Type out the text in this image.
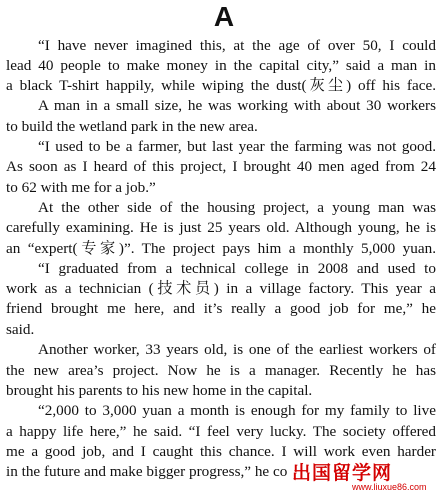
A
“I have never imagined this, at the age of over 50, I could
lead 40 people to make money in the capital city,” said a man in
a black T-shirt happily, while wiping the dust(灰尘) off his face.
A man in a small size, he was working with about 30 workers
to build the wetland park in the new area.
“I used to be a farmer, but last year the farming was not good.
As soon as I heard of this project, I brought 40 men aged from 24
to 62 with me for a job.”
At the other side of the housing project, a young man was
carefully examining. He is just 25 years old. Although young, he is
an “expert(专家)”. The project pays him a monthly 5,000 yuan.
“I graduated from a technical college in 2008 and used to
work as a technician (技术员) in a village factory. This year a
friend brought me here, and it’s really a good job for me,” he
said.
Another worker, 33 years old, is one of the earliest workers of
the new area’s project. Now he is a manager. Recently he has
brought his parents to his new home in the capital.
“2,000 to 3,000 yuan a month is enough for my family to live
a happy life here,” he said. “I feel very lucky. The society offered
me a good job, and I caught this chance. I will work even harder
in the future and make bigger progress,” he co 出国留学网
www.liuxue86.com
